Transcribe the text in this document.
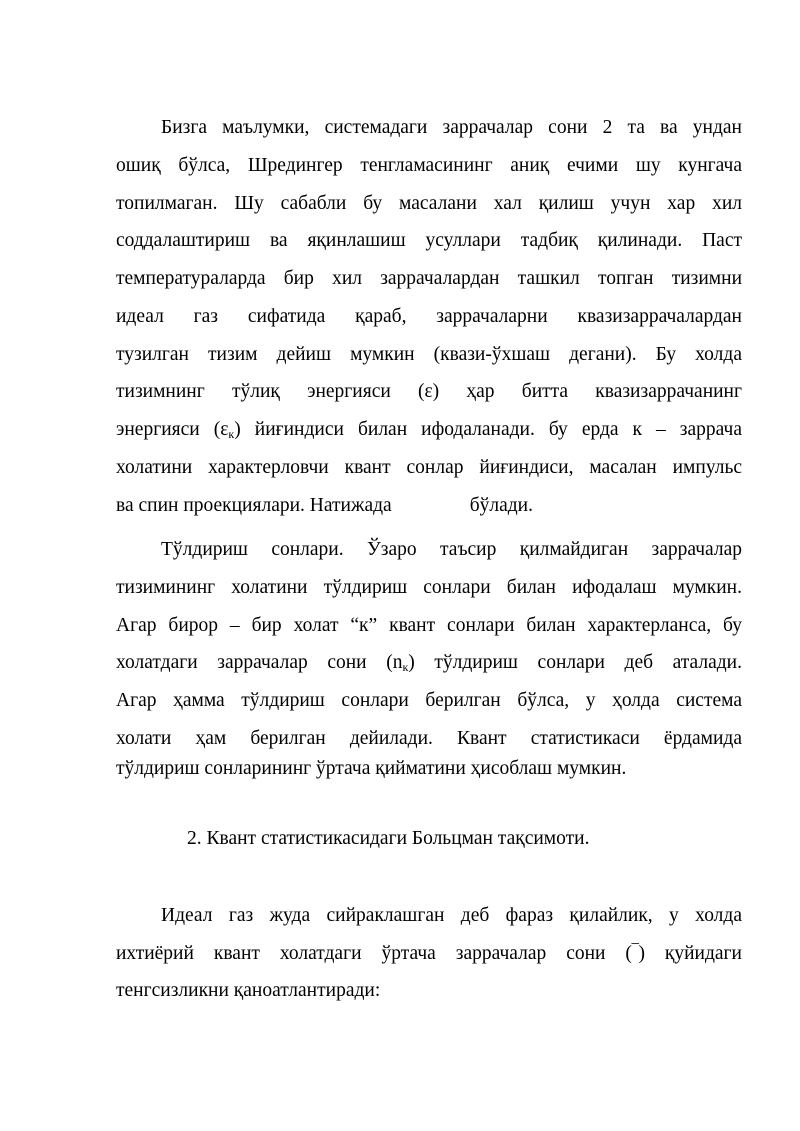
Бизга маълумки, системадаги заррачалар сони 2 та ва ундан
ошиқ бўлса, Шредингер тенгламасининг аниқ ечими шу кунгача
топилмаган. Шу сабабли бу масалани хал қилиш учун хар хил
соддалаштириш ва яқинлашиш усуллари тадбиқ қилинади. Паст
температураларда бир хил заррачалардан ташкил топган тизимни
идеал газ сифатида қараб, заррачаларни квазизаррачалардан
тузилган тизим дейиш мумкин (квази-ўхшаш дегани). Бу холда
тизимнинг тўлиқ энергияси (ε) ҳар битта квазизаррачанинг
энергияси $(\varepsilon_к)$ йиғиндиси билан ифодаланади. бу ерда к – заррача
холатини характерловчи квант сонлар йиғиндиси, масалан импульс
ва спин проекциялари. Натижада	бўлади.
Тўлдириш сонлари. Ўзаро таъсир қилмайдиган заррачалар
тизимининг холатини тўлдириш сонлари билан ифодалаш мумкин.
Агар бирор – бир холат “к” квант сонлари билан характерланса, бу
холатдаги заррачалар сони $(n_к)$ тўлдириш сонлари деб аталади.
Агар ҳамма тўлдириш сонлари берилган бўлса, у ҳолда система
холати ҳам берилган дейилади. Квант статистикаси ёрдамида
тўлдириш сонларининг ўртача қийматини ҳисоблаш мумкин.
2. Квант статистикасидаги Больцман тақсимоти.
Идеал газ жуда сийраклашган деб фараз қилайлик, у холда
ихтиёрий квант холатдаги ўртача заррачалар сони (‾) қуйидаги
тенгсизликни қаноатлантиради:
